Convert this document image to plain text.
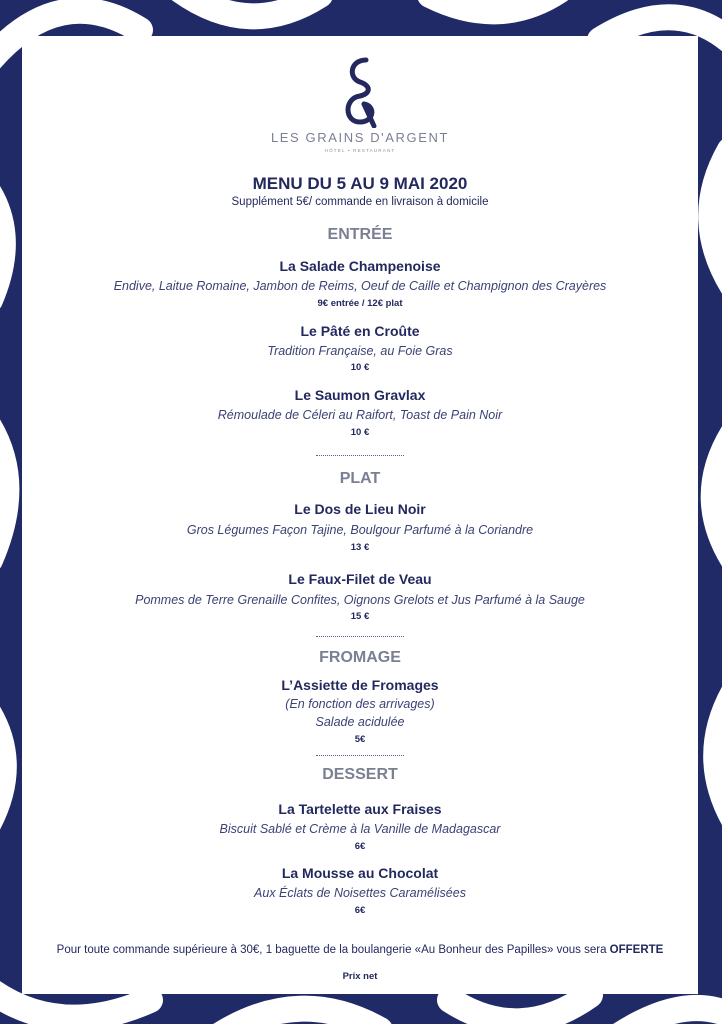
LES GRAINS D'ARGENT
HÔTEL • RESTAURANT
MENU DU 5 AU 9 MAI 2020
Supplément 5€/ commande en livraison à domicile
ENTRÉE
La Salade Champenoise
Endive, Laitue Romaine, Jambon de Reims, Oeuf de Caille et Champignon des Crayères
9€ entrée / 12€ plat
Le Pâté en Croûte
Tradition Française, au Foie Gras
10 €
Le Saumon Gravlax
Rémoulade de Céleri au Raifort, Toast de Pain Noir
10 €
PLAT
Le Dos de Lieu Noir
Gros Légumes Façon Tajine, Boulgour Parfumé à la Coriandre
13 €
Le Faux-Filet de Veau
Pommes de Terre Grenaille Confites, Oignons Grelots et Jus Parfumé à la Sauge
15 €
FROMAGE
L’Assiette de Fromages
(En fonction des arrivages)
Salade acidulée
5€
DESSERT
La Tartelette aux Fraises
Biscuit Sablé et Crème à la Vanille de Madagascar
6€
La Mousse au Chocolat
Aux Éclats de Noisettes Caramélisées
6€
Pour toute commande supérieure à 30€, 1 baguette de la boulangerie «Au Bonheur des Papilles» vous sera OFFERTE
Prix net
